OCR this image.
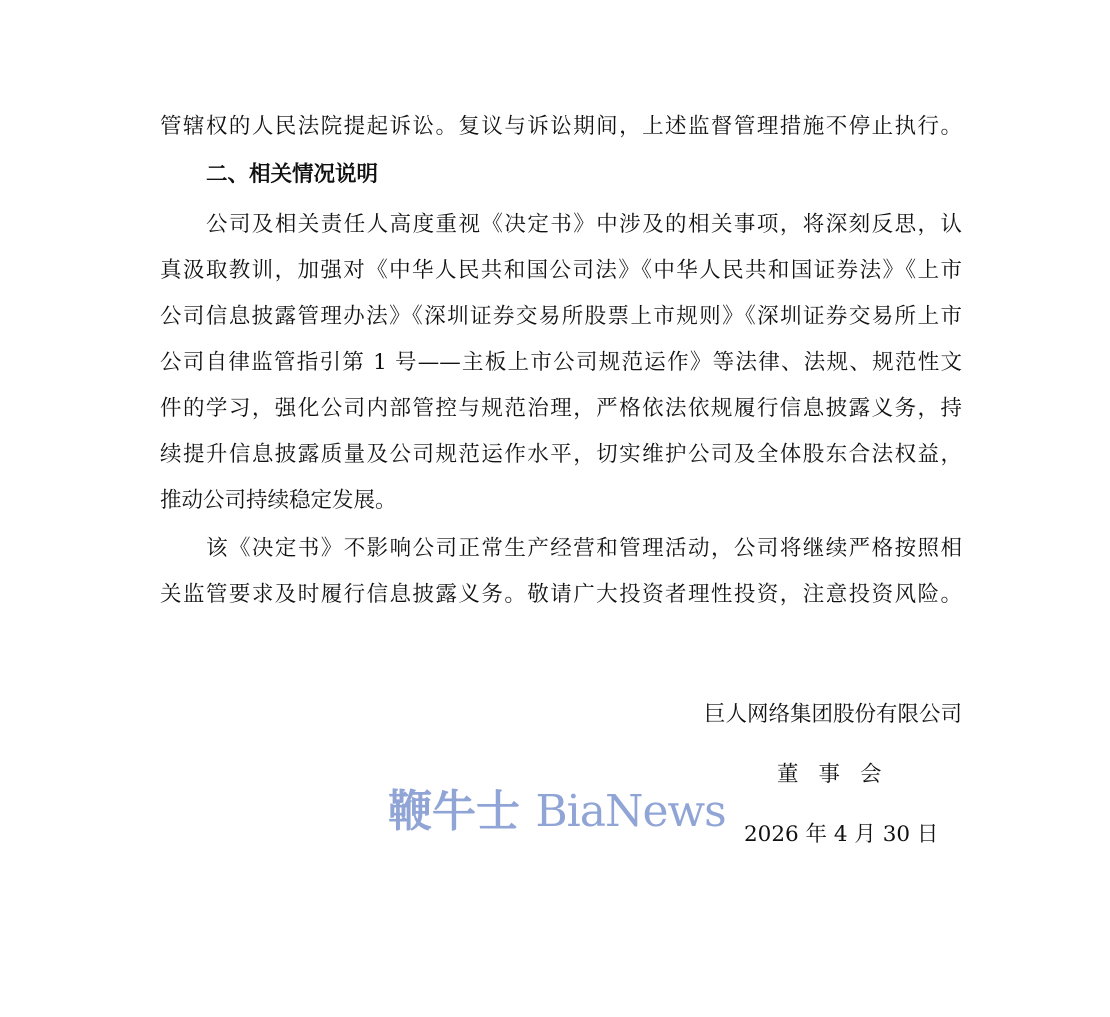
管辖权的人民法院提起诉讼。复议与诉讼期间，上述监督管理措施不停止执行。
二、相关情况说明
公司及相关责任人高度重视《决定书》中涉及的相关事项，将深刻反思，认
真汲取教训，加强对《中华人民共和国公司法》《中华人民共和国证券法》《上市
公司信息披露管理办法》《深圳证券交易所股票上市规则》《深圳证券交易所上市
公司自律监管指引第 1 号——主板上市公司规范运作》等法律、法规、规范性文
件的学习，强化公司内部管控与规范治理，严格依法依规履行信息披露义务，持
续提升信息披露质量及公司规范运作水平，切实维护公司及全体股东合法权益，
推动公司持续稳定发展。
该《决定书》不影响公司正常生产经营和管理活动，公司将继续严格按照相
关监管要求及时履行信息披露义务。敬请广大投资者理性投资，注意投资风险。
巨人网络集团股份有限公司
董事会
2026 年 4 月 30 日
鞭牛士 BiaNews
